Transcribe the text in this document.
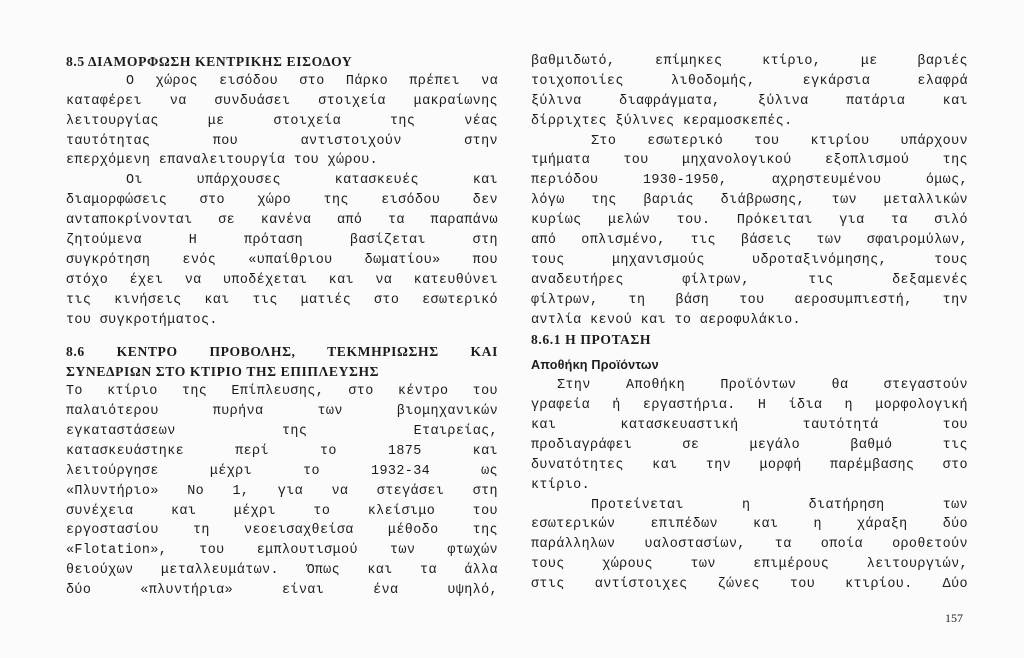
8.5 ΔΙΑΜΟΡΦΩΣΗ ΚΕΝΤΡΙΚΗΣ ΕΙΣΟΔΟΥ
Ο χώρος εισόδου στο Πάρκο πρέπει να
καταφέρει να συνδυάσει στοιχεία μακραίωνης
λειτουργίας με στοιχεία της νέας
ταυτότητας που αντιστοιχούν στην
επερχόμενη επαναλειτουργία του χώρου.
Οι υπάρχουσες κατασκευές και
διαμορφώσεις στο χώρο της εισόδου δεν
ανταποκρίνονται σε κανένα από τα παραπάνω
ζητούμενα Η πρόταση βασίζεται στη
συγκρότηση ενός «υπαίθριου δωματίου» που
στόχο έχει να υποδέχεται και να κατευθύνει
τις κινήσεις και τις ματιές στο εσωτερικό
του συγκροτήματος.
8.6 ΚΕΝΤΡΟ ΠΡΟΒΟΛΗΣ, ΤΕΚΜΗΡΙΩΣΗΣ ΚΑΙ
ΣΥΝΕΔΡΙΩΝ ΣΤΟ ΚΤΙΡΙΟ ΤΗΣ ΕΠΙΠΛΕΥΣΗΣ
Το κτίριο της Επίπλευσης, στο κέντρο του
παλαιότερου πυρήνα των βιομηχανικών
εγκαταστάσεων της Εταιρείας,
κατασκευάστηκε περί το 1875 και
λειτούργησε μέχρι το 1932-34 ως
«Πλυντήριο» Νο 1, για να στεγάσει στη
συνέχεια και μέχρι το κλείσιμο του
εργοστασίου τη νεοεισαχθείσα μέθοδο της
«Flotation», του εμπλουτισμού των φτωχών
θειούχων μεταλλευμάτων. Όπως και τα άλλα
δύο «πλυντήρια» είναι ένα υψηλό,
βαθμιδωτό, επίμηκες κτίριο, με βαριές
τοιχοποιίες λιθοδομής, εγκάρσια ελαφρά
ξύλινα διαφράγματα, ξύλινα πατάρια και
δίρριχτες ξύλινες κεραμοσκεπές.
Στο εσωτερικό του κτιρίου υπάρχουν
τμήματα του μηχανολογικού εξοπλισμού της
περιόδου 1930-1950, αχρηστευμένου όμως,
λόγω της βαριάς διάβρωσης, των μεταλλικών
κυρίως μελών του. Πρόκειται για τα σιλό
από οπλισμένο, τις βάσεις των σφαιρομύλων,
τους μηχανισμούς υδροταξινόμησης, τους
αναδευτήρες φίλτρων, τις δεξαμενές
φίλτρων, τη βάση του αεροσυμπιεστή, την
αντλία κενού και το αεροφυλάκιο.
8.6.1 Η ΠΡΟΤΑΣΗ
Αποθήκη Προϊόντων
Στην Αποθήκη Προϊόντων θα στεγαστούν
γραφεία ή εργαστήρια. Η ίδια η μορφολογική
και κατασκευαστική ταυτότητά του
προδιαγράφει σε μεγάλο βαθμό τις
δυνατότητες και την μορφή παρέμβασης στο
κτίριο.
Προτείνεται η διατήρηση των
εσωτερικών επιπέδων και η χάραξη δύο
παράλληλων υαλοστασίων, τα οποία οροθετούν
τους χώρους των επιμέρους λειτουργιών,
στις αντίστοιχες ζώνες του κτιρίου. Δύο
157
